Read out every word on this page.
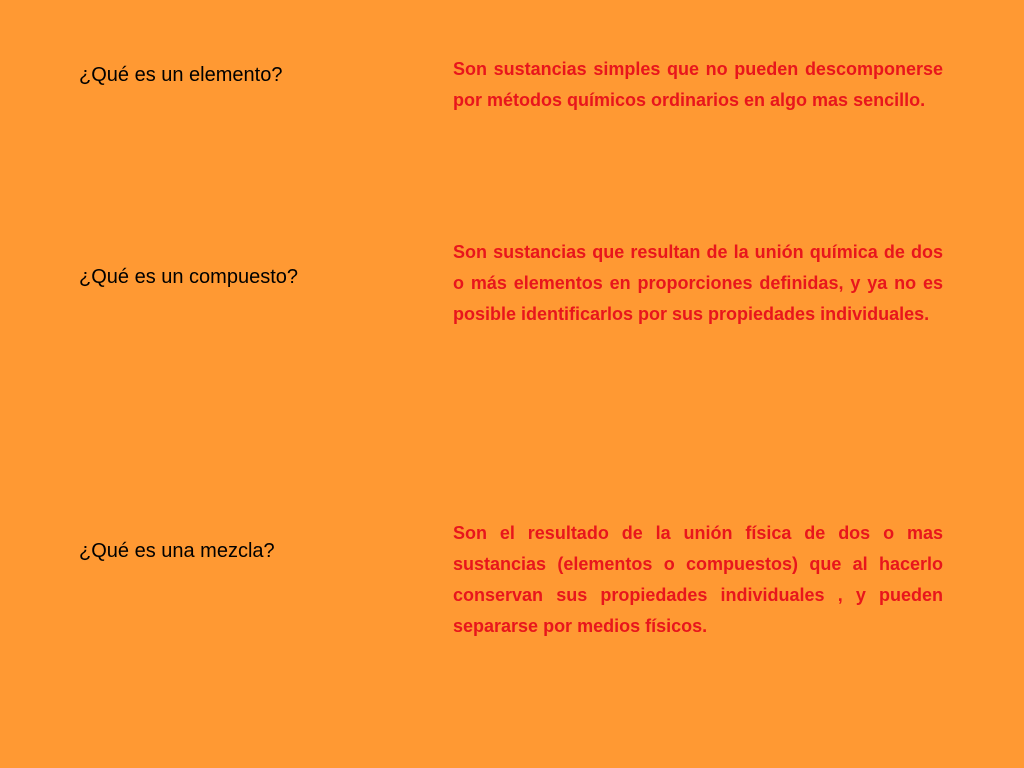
¿Qué es un elemento?	Son sustancias simples que no pueden descomponerse por métodos químicos ordinarios en algo mas sencillo.
¿Qué es un compuesto?
Son sustancias que resultan de la unión química de dos o más elementos en proporciones definidas, y ya no es posible identificarlos por sus propiedades individuales.
¿Qué es una mezcla?
Son el resultado de la unión física de dos o mas sustancias (elementos o compuestos) que al hacerlo conservan sus propiedades individuales , y pueden separarse por medios físicos.
